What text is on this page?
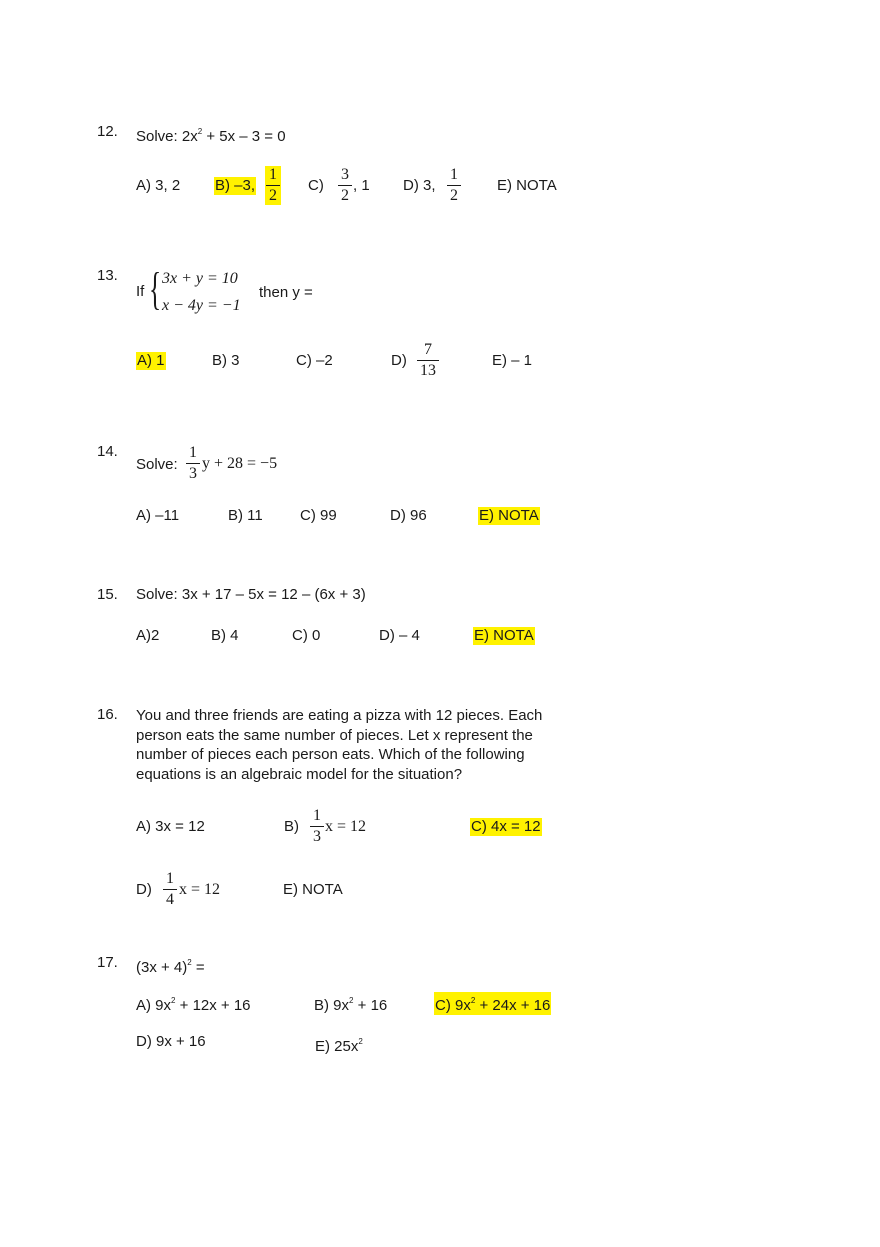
12. Solve: $2x^2 + 5x - 3 = 0$
A) 3, 2 B) –3,
1
2
C)
3
2
, 1 D) 3,
1
2
E) NOTA
13.
If { 3x + y = 10
x − 4y = −1
then y =
A) 1	B) 3	C) –2	D)
7
13
E) – 1
14.
Solve:
1
3
y + 28 = −5
A) –11	B) 11 C) 99	D) 96	E) NOTA
15. Solve: 3x + 17 – 5x = 12 – (6x + 3)
A)2	B) 4	C) 0	D) – 4	E) NOTA
16. You and three friends are eating a pizza with 12 pieces. Each person eats the same number of pieces. Let x represent the number of pieces each person eats. Which of the following equations is an algebraic model for the situation?
A) 3x = 12	B)
1
3
x = 12	C) 4x = 12
D)
1
4
x = 12	E) NOTA
17. $(3x + 4)^2$ =
A) $9x^2 + 12x + 16$	B) $9x^2 + 16$	C) $9x^2 + 24x + 16$
D) 9x + 16	E) $25x^2$
